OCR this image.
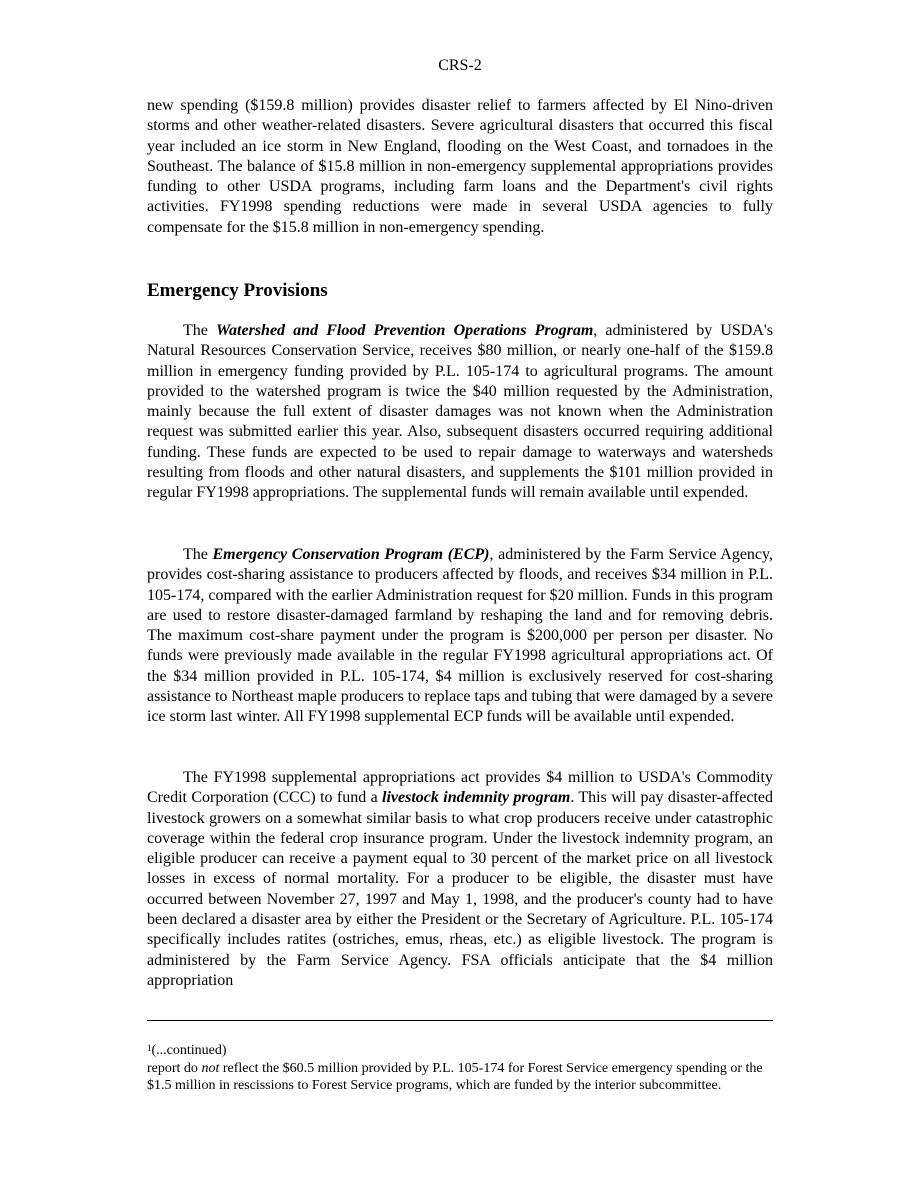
CRS-2

new spending ($159.8 million) provides disaster relief to farmers affected by El Nino-driven storms and other weather-related disasters. Severe agricultural disasters that occurred this fiscal year included an ice storm in New England, flooding on the West Coast, and tornadoes in the Southeast. The balance of $15.8 million in non-emergency supplemental appropriations provides funding to other USDA programs, including farm loans and the Department's civil rights activities. FY1998 spending reductions were made in several USDA agencies to fully compensate for the $15.8 million in non-emergency spending.

Emergency Provisions

The Watershed and Flood Prevention Operations Program, administered by USDA's Natural Resources Conservation Service, receives $80 million, or nearly one-half of the $159.8 million in emergency funding provided by P.L. 105-174 to agricultural programs. The amount provided to the watershed program is twice the $40 million requested by the Administration, mainly because the full extent of disaster damages was not known when the Administration request was submitted earlier this year. Also, subsequent disasters occurred requiring additional funding. These funds are expected to be used to repair damage to waterways and watersheds resulting from floods and other natural disasters, and supplements the $101 million provided in regular FY1998 appropriations. The supplemental funds will remain available until expended.

The Emergency Conservation Program (ECP), administered by the Farm Service Agency, provides cost-sharing assistance to producers affected by floods, and receives $34 million in P.L. 105-174, compared with the earlier Administration request for $20 million. Funds in this program are used to restore disaster-damaged farmland by reshaping the land and for removing debris. The maximum cost-share payment under the program is $200,000 per person per disaster. No funds were previously made available in the regular FY1998 agricultural appropriations act. Of the $34 million provided in P.L. 105-174, $4 million is exclusively reserved for cost-sharing assistance to Northeast maple producers to replace taps and tubing that were damaged by a severe ice storm last winter. All FY1998 supplemental ECP funds will be available until expended.

The FY1998 supplemental appropriations act provides $4 million to USDA's Commodity Credit Corporation (CCC) to fund a livestock indemnity program. This will pay disaster-affected livestock growers on a somewhat similar basis to what crop producers receive under catastrophic coverage within the federal crop insurance program. Under the livestock indemnity program, an eligible producer can receive a payment equal to 30 percent of the market price on all livestock losses in excess of normal mortality. For a producer to be eligible, the disaster must have occurred between November 27, 1997 and May 1, 1998, and the producer's county had to have been declared a disaster area by either the President or the Secretary of Agriculture. P.L. 105-174 specifically includes ratites (ostriches, emus, rheas, etc.) as eligible livestock. The program is administered by the Farm Service Agency. FSA officials anticipate that the $4 million appropriation

$^1$(...continued)

report do not reflect the $60.5 million provided by P.L. 105-174 for Forest Service emergency spending or the $1.5 million in rescissions to Forest Service programs, which are funded by the interior subcommittee.
